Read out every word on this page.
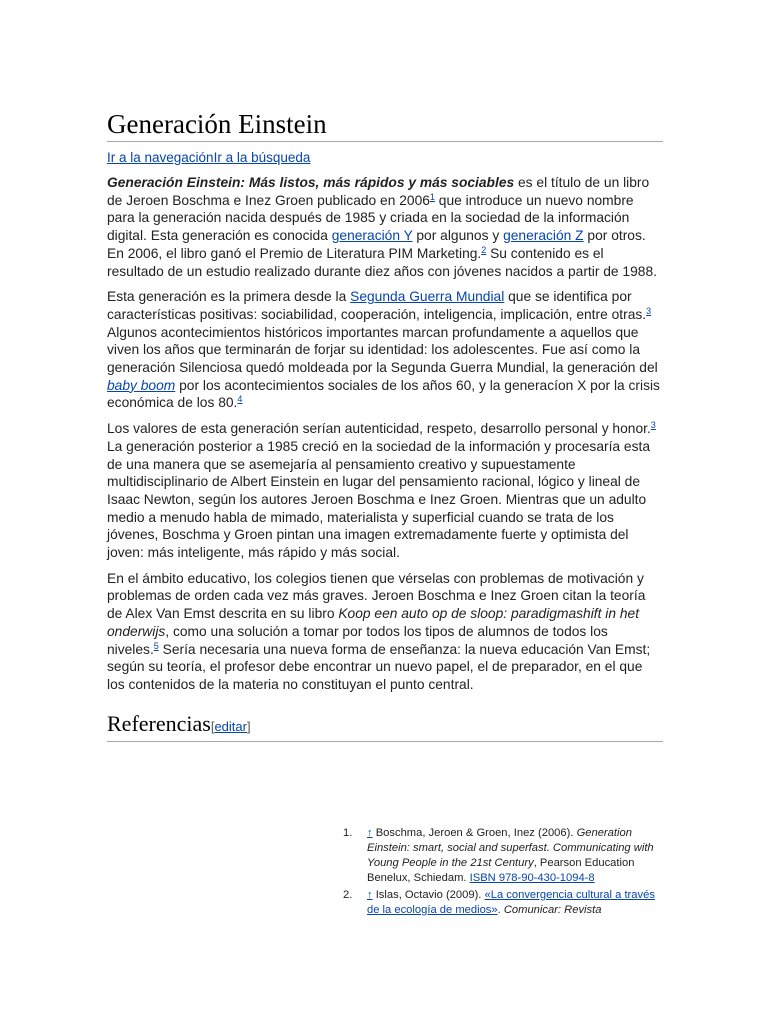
Generación Einstein
Ir a la navegaciónIr a la búsqueda

Generación Einstein: Más listos, más rápidos y más sociables es el título de un libro de Jeroen Boschma e Inez Groen publicado en 2006$^1$ que introduce un nuevo nombre para la generación nacida después de 1985 y criada en la sociedad de la información digital. Esta generación es conocida generación Y por algunos y generación Z por otros. En 2006, el libro ganó el Premio de Literatura PIM Marketing.$^2$ Su contenido es el resultado de un estudio realizado durante diez años con jóvenes nacidos a partir de 1988.

Esta generación es la primera desde la Segunda Guerra Mundial que se identifica por características positivas: sociabilidad, cooperación, inteligencia, implicación, entre otras.$^3$ Algunos acontecimientos históricos importantes marcan profundamente a aquellos que viven los años que terminarán de forjar su identidad: los adolescentes. Fue así como la generación Silenciosa quedó moldeada por la Segunda Guerra Mundial, la generación del baby boom por los acontecimientos sociales de los años 60, y la generacíon X por la crisis económica de los 80.$^4$

Los valores de esta generación serían autenticidad, respeto, desarrollo personal y honor.$^3$ La generación posterior a 1985 creció en la sociedad de la información y procesaría esta de una manera que se asemejaría al pensamiento creativo y supuestamente multidisciplinario de Albert Einstein en lugar del pensamiento racional, lógico y lineal de Isaac Newton, según los autores Jeroen Boschma e Inez Groen. Mientras que un adulto medio a menudo habla de mimado, materialista y superficial cuando se trata de los jóvenes, Boschma y Groen pintan una imagen extremadamente fuerte y optimista del joven: más inteligente, más rápido y más social.

En el ámbito educativo, los colegios tienen que vérselas con problemas de motivación y problemas de orden cada vez más graves. Jeroen Boschma e Inez Groen citan la teoría de Alex Van Emst descrita en su libro Koop een auto op de sloop: paradigmashift in het onderwijs, como una solución a tomar por todos los tipos de alumnos de todos los niveles.$^5$ Sería necesaria una nueva forma de enseñanza: la nueva educación Van Emst; según su teoría, el profesor debe encontrar un nuevo papel, el de preparador, en el que los contenidos de la materia no constituyan el punto central.

Referencias[editar]
1. ↑ Boschma, Jeroen & Groen, Inez (2006). Generation Einstein: smart, social and superfast. Communicating with Young People in the 21st Century, Pearson Education Benelux, Schiedam. ISBN 978-90-430-1094-8
2. ↑ Islas, Octavio (2009). «La convergencia cultural a través de la ecología de medios». Comunicar: Revista
